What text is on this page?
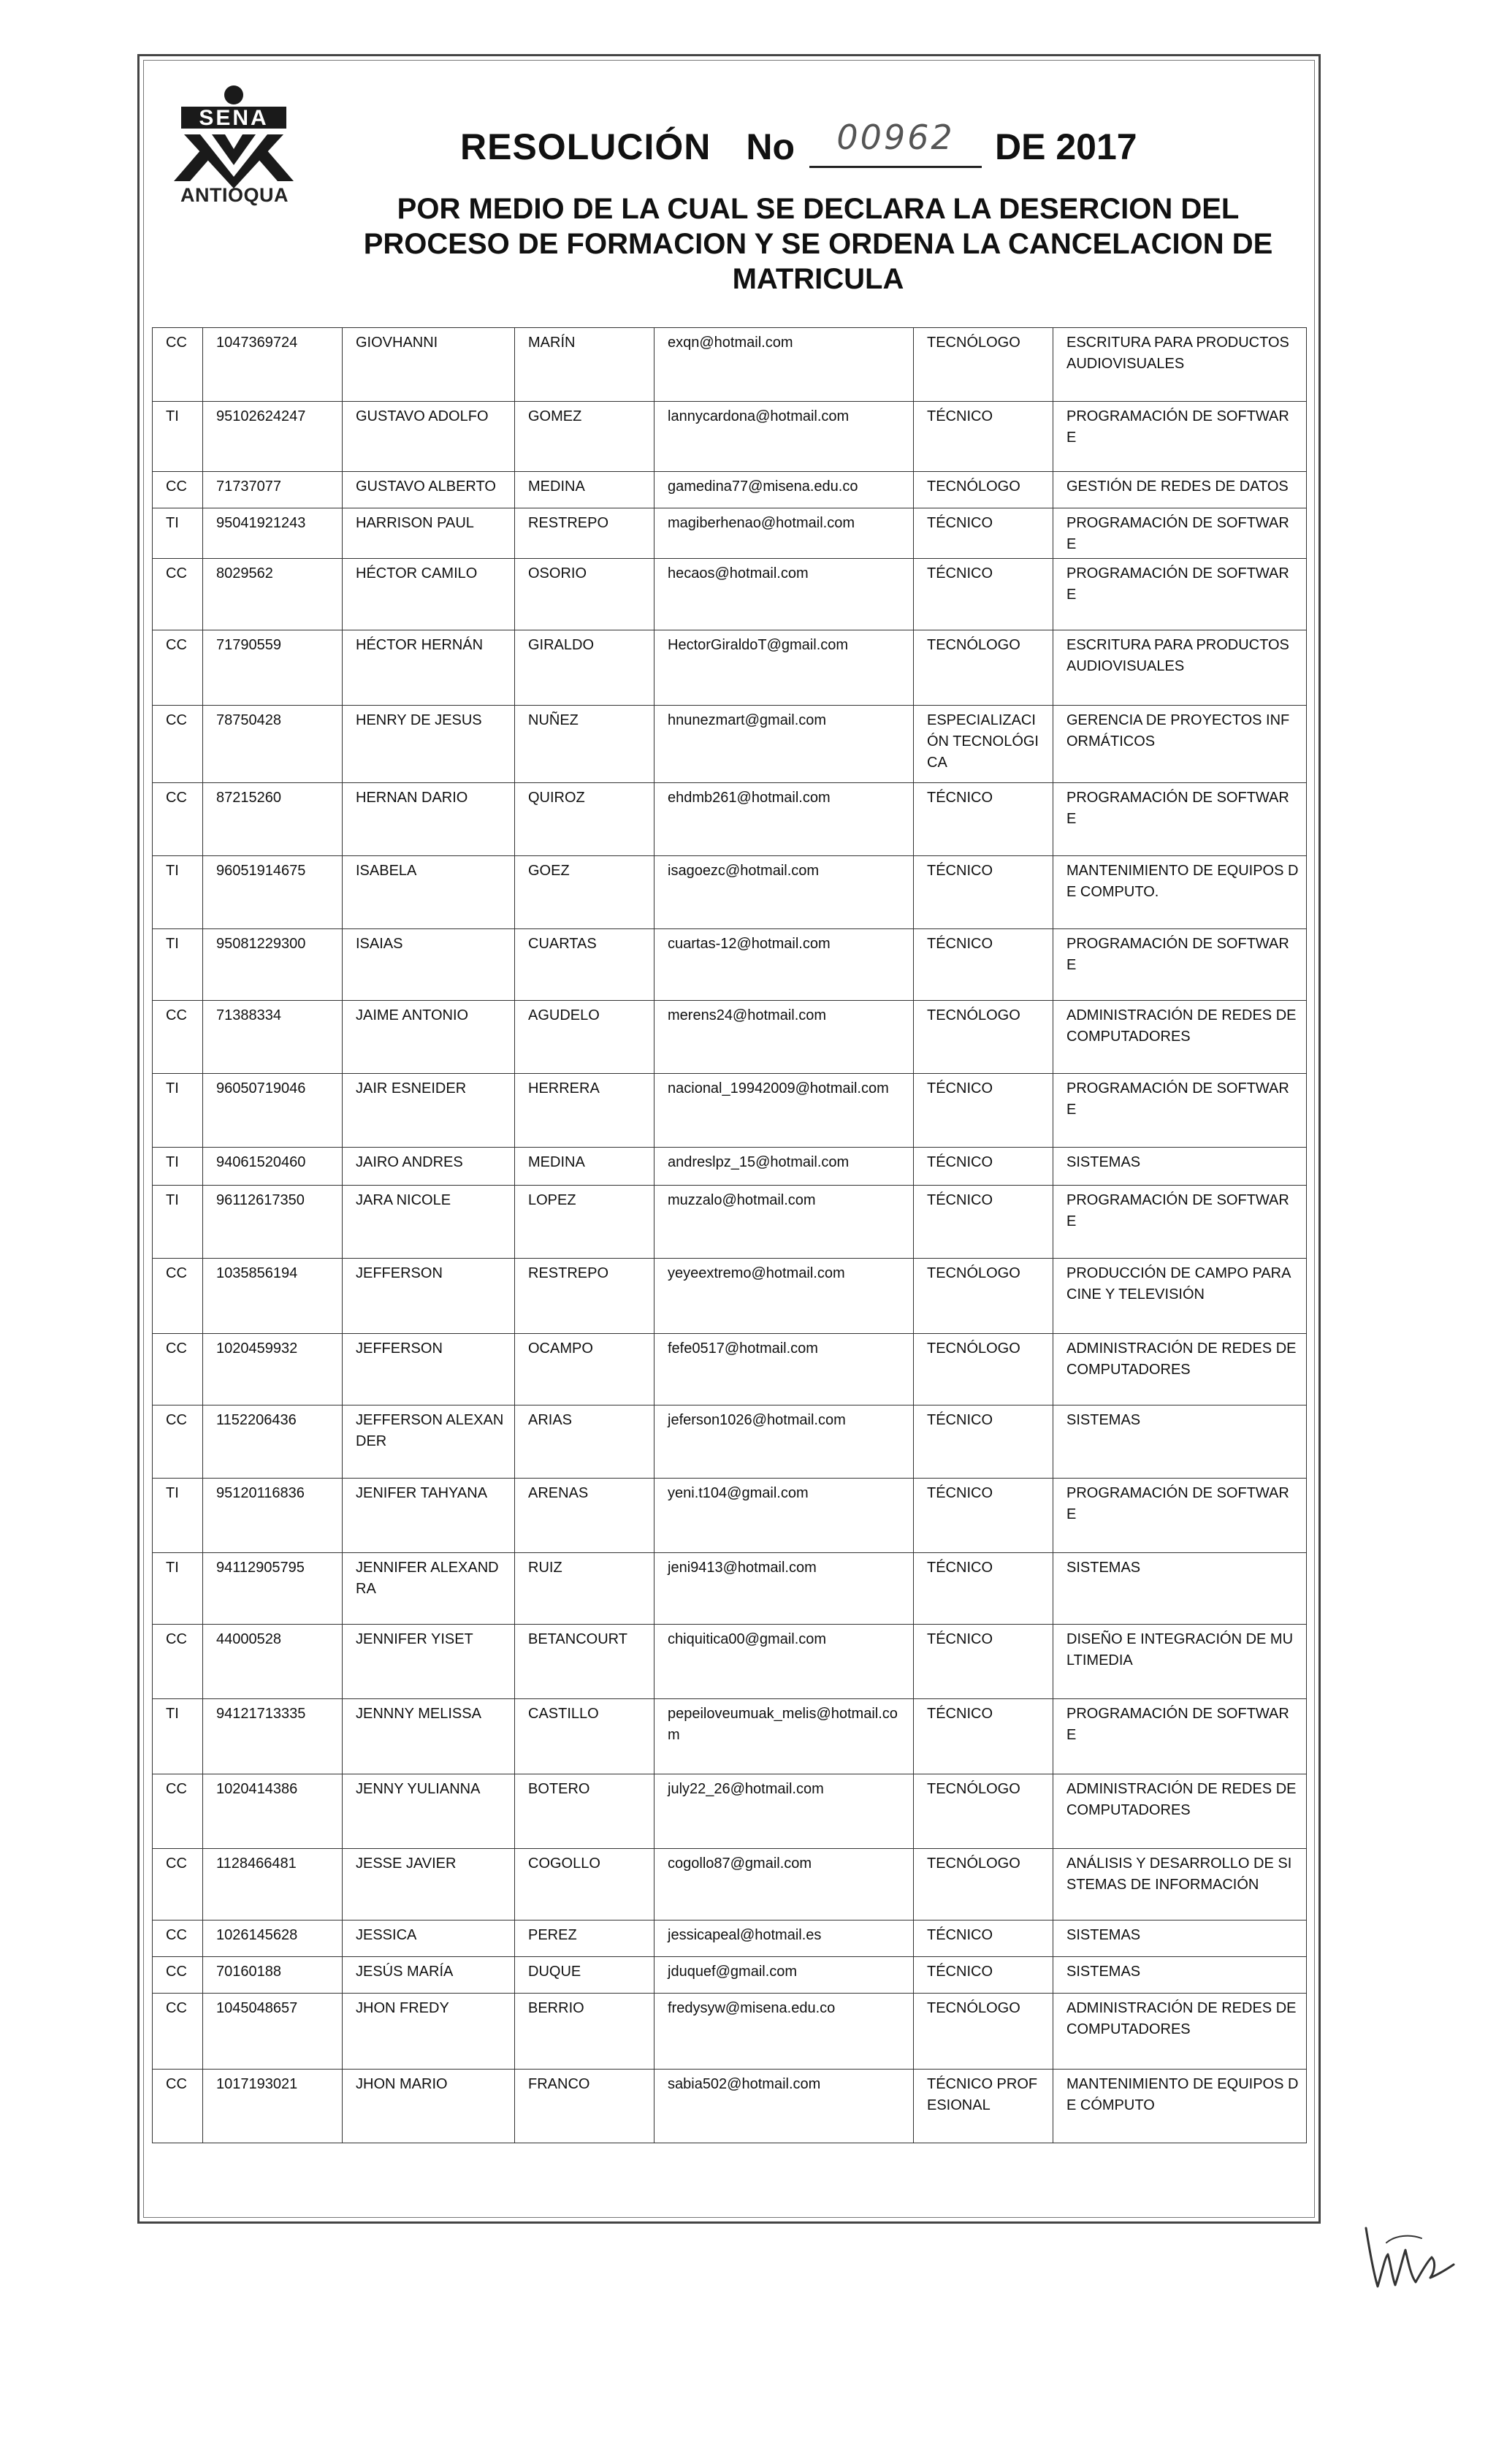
SENA
ANTIOQUA
RESOLUCIÓN No	00962	DE 2017
POR MEDIO DE LA CUAL SE DECLARA LA DESERCION DEL PROCESO DE FORMACION Y SE ORDENA LA CANCELACION DE MATRICULA
CC	1047369724	GIOVHANNI	MARÍN	exqn@hotmail.com	TECNÓLOGO	ESCRITURA PARA PRODUCTOS AUDIOVISUALES
TI	95102624247	GUSTAVO ADOLFO	GOMEZ	lannycardona@hotmail.com	TÉCNICO	PROGRAMACIÓN DE SOFTWARE
CC	71737077	GUSTAVO ALBERTO	MEDINA	gamedina77@misena.edu.co	TECNÓLOGO	GESTIÓN DE REDES DE DATOS
TI	95041921243	HARRISON PAUL	RESTREPO	magiberhenao@hotmail.com	TÉCNICO	PROGRAMACIÓN DE SOFTWARE
CC	8029562	HÉCTOR CAMILO	OSORIO	hecaos@hotmail.com	TÉCNICO	PROGRAMACIÓN DE SOFTWARE
CC	71790559	HÉCTOR HERNÁN	GIRALDO	HectorGiraldoT@gmail.com	TECNÓLOGO	ESCRITURA PARA PRODUCTOS AUDIOVISUALES
CC	78750428	HENRY DE JESUS	NUÑEZ	hnunezmart@gmail.com	ESPECIALIZACIÓN TECNOLÓGICA	GERENCIA DE PROYECTOS INFORMÁTICOS
CC	87215260	HERNAN DARIO	QUIROZ	ehdmb261@hotmail.com	TÉCNICO	PROGRAMACIÓN DE SOFTWARE
TI	96051914675	ISABELA	GOEZ	isagoezc@hotmail.com	TÉCNICO	MANTENIMIENTO DE EQUIPOS DE COMPUTO.
TI	95081229300	ISAIAS	CUARTAS	cuartas-12@hotmail.com	TÉCNICO	PROGRAMACIÓN DE SOFTWARE
CC	71388334	JAIME ANTONIO	AGUDELO	merens24@hotmail.com	TECNÓLOGO	ADMINISTRACIÓN DE REDES DE COMPUTADORES
TI	96050719046	JAIR ESNEIDER	HERRERA	nacional_19942009@hotmail.com	TÉCNICO	PROGRAMACIÓN DE SOFTWARE
TI	94061520460	JAIRO ANDRES	MEDINA	andreslpz_15@hotmail.com	TÉCNICO	SISTEMAS
TI	96112617350	JARA NICOLE	LOPEZ	muzzalo@hotmail.com	TÉCNICO	PROGRAMACIÓN DE SOFTWARE
CC	1035856194	JEFFERSON	RESTREPO	yeyeextremo@hotmail.com	TECNÓLOGO	PRODUCCIÓN DE CAMPO PARA CINE Y TELEVISIÓN
CC	1020459932	JEFFERSON	OCAMPO	fefe0517@hotmail.com	TECNÓLOGO	ADMINISTRACIÓN DE REDES DE COMPUTADORES
CC	1152206436	JEFFERSON ALEXANDER	ARIAS	jeferson1026@hotmail.com	TÉCNICO	SISTEMAS
TI	95120116836	JENIFER TAHYANA	ARENAS	yeni.t104@gmail.com	TÉCNICO	PROGRAMACIÓN DE SOFTWARE
TI	94112905795	JENNIFER ALEXANDRA	RUIZ	jeni9413@hotmail.com	TÉCNICO	SISTEMAS
CC	44000528	JENNIFER YISET	BETANCOURT	chiquitica00@gmail.com	TÉCNICO	DISEÑO E INTEGRACIÓN DE MULTIMEDIA
TI	94121713335	JENNNY MELISSA	CASTILLO	pepeiloveumuak_melis@hotmail.com	TÉCNICO	PROGRAMACIÓN DE SOFTWARE
CC	1020414386	JENNY YULIANNA	BOTERO	july22_26@hotmail.com	TECNÓLOGO	ADMINISTRACIÓN DE REDES DE COMPUTADORES
CC	1128466481	JESSE JAVIER	COGOLLO	cogollo87@gmail.com	TECNÓLOGO	ANÁLISIS Y DESARROLLO DE SISTEMAS DE INFORMACIÓN
CC	1026145628	JESSICA	PEREZ	jessicapeal@hotmail.es	TÉCNICO	SISTEMAS
CC	70160188	JESÚS MARÍA	DUQUE	jduquef@gmail.com	TÉCNICO	SISTEMAS
CC	1045048657	JHON FREDY	BERRIO	fredysyw@misena.edu.co	TECNÓLOGO	ADMINISTRACIÓN DE REDES DE COMPUTADORES
CC	1017193021	JHON MARIO	FRANCO	sabia502@hotmail.com	TÉCNICO PROFESIONAL	MANTENIMIENTO DE EQUIPOS DE CÓMPUTO
